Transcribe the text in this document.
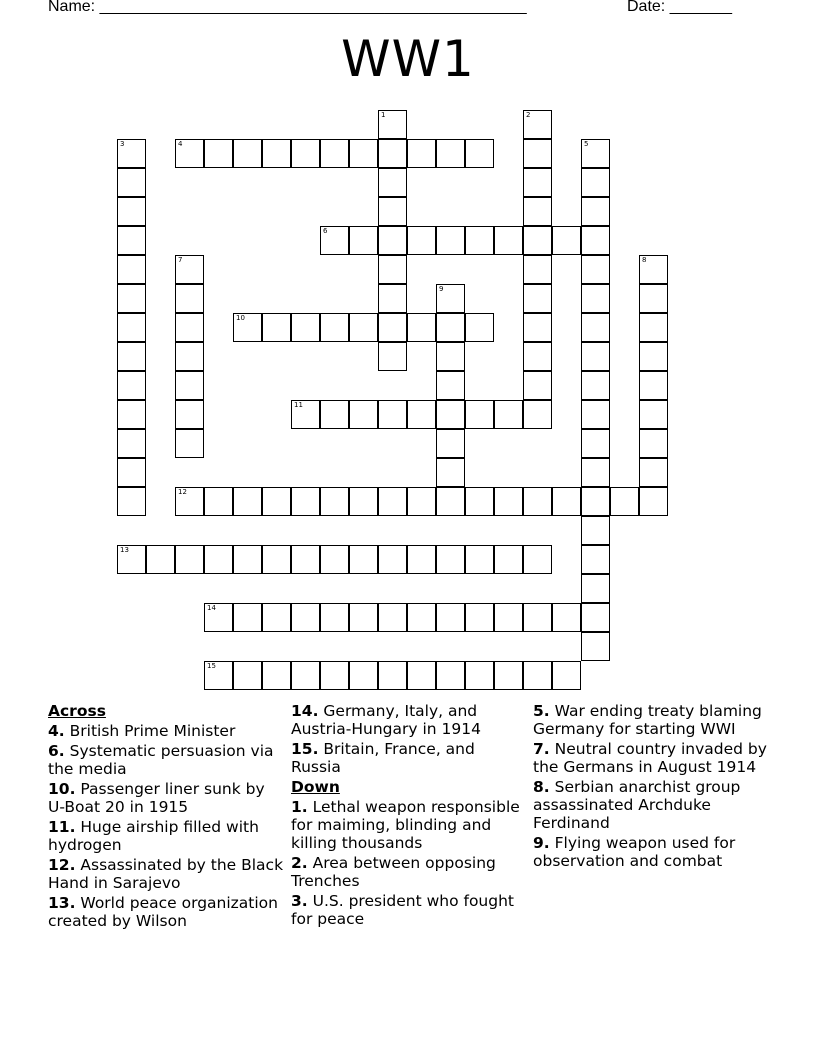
Name: ________________________________________________	Date: _______
WW1
1	2
3	4	5
6
7	8
9
10
11
12
13
14
15
Across
4. British Prime Minister
6. Systematic persuasion via the media
10. Passenger liner sunk by U-Boat 20 in 1915
11. Huge airship filled with hydrogen
12. Assassinated by the Black Hand in Sarajevo
13. World peace organization created by Wilson
14. Germany, Italy, and Austria-Hungary in 1914
15. Britain, France, and Russia
Down
1. Lethal weapon responsible for maiming, blinding and killing thousands
2. Area between opposing Trenches
3. U.S. president who fought for peace
5. War ending treaty blaming Germany for starting WWI
7. Neutral country invaded by the Germans in August 1914
8. Serbian anarchist group assassinated Archduke Ferdinand
9. Flying weapon used for observation and combat
